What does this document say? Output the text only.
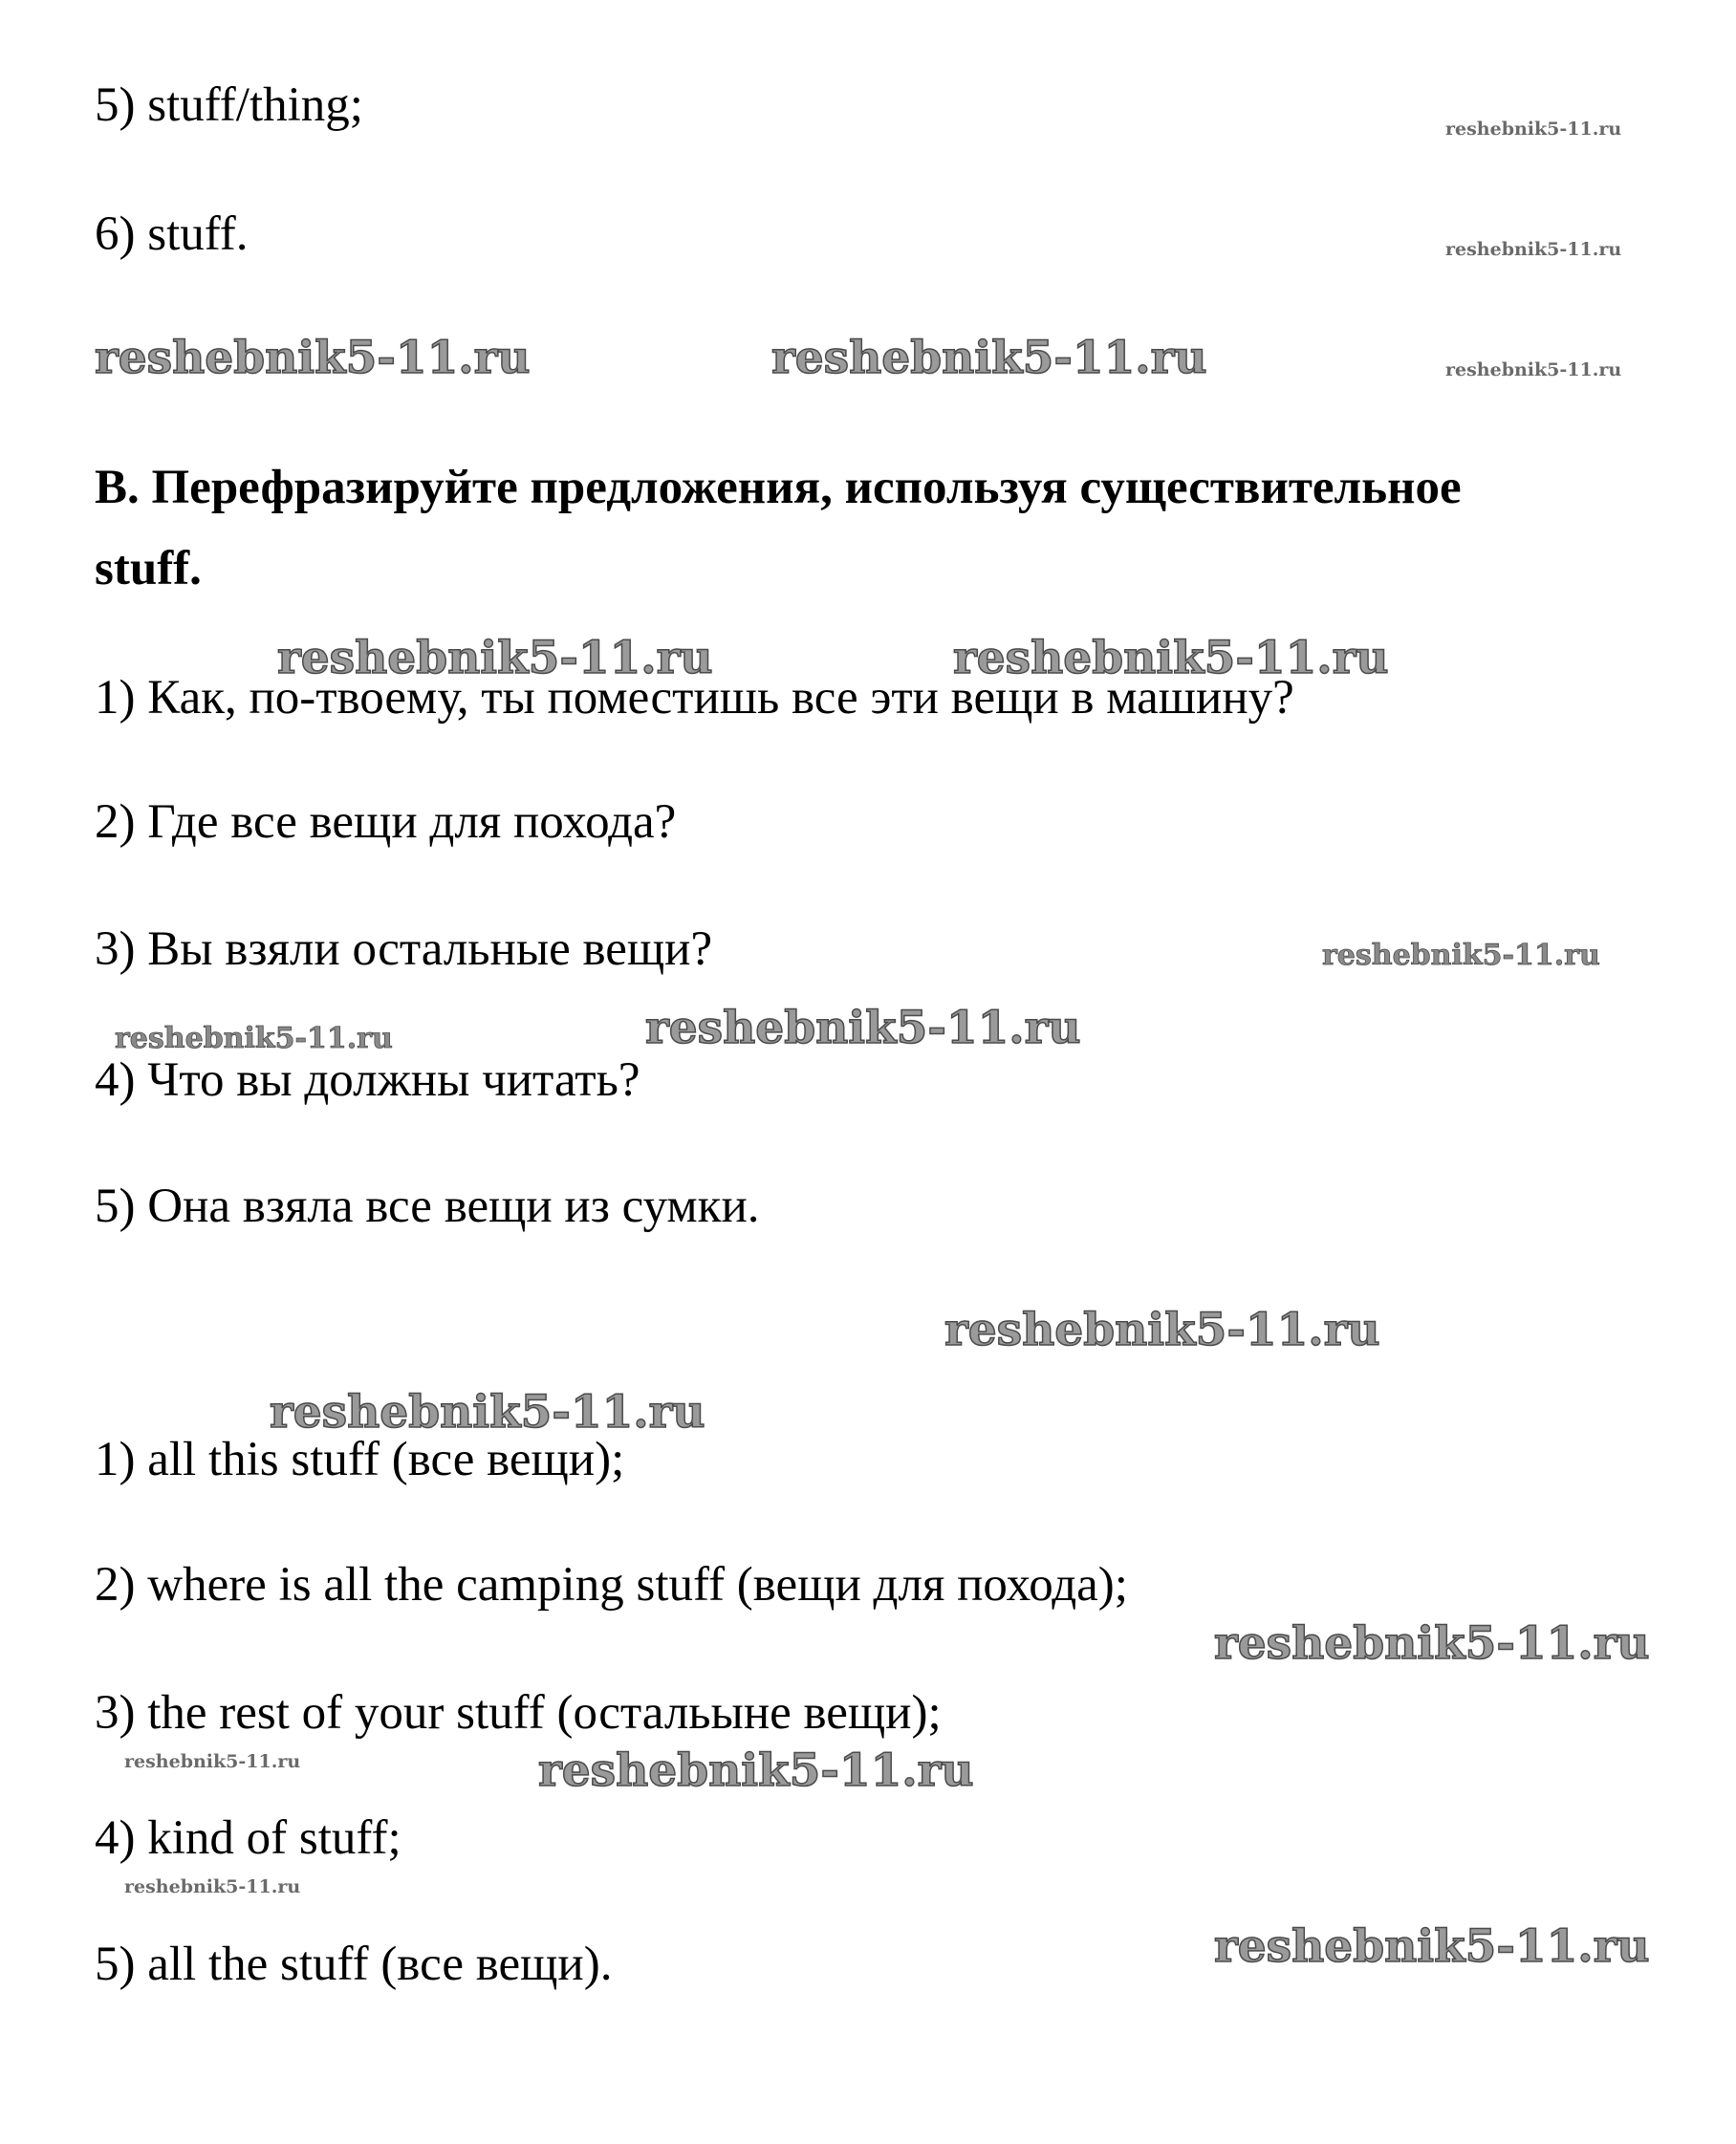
5) stuff/thing;
6) stuff.
B. Перефразируйте предложения, используя существительное
stuff.
1) Как, по-твоему, ты поместишь все эти вещи в машину?
2) Где все вещи для похода?
3) Вы взяли остальные вещи?
4) Что вы должны читать?
5) Она взяла все вещи из сумки.
1) all this stuff (все вещи);
2) where is all the camping stuff (вещи для похода);
3) the rest of your stuff (остальыне вещи);
4) kind of stuff;
5) all the stuff (все вещи).
reshebnik5-11.ru
reshebnik5-11.ru
reshebnik5-11.ru
reshebnik5-11.ru
reshebnik5-11.ru
reshebnik5-11.ru
reshebnik5-11.ru
reshebnik5-11.ru	reshebnik5-11.ru
reshebnik5-11.ru	reshebnik5-11.ru
reshebnik5-11.ru
reshebnik5-11.ru
reshebnik5-11.ru
reshebnik5-11.ru
reshebnik5-11.ru
reshebnik5-11.ru
